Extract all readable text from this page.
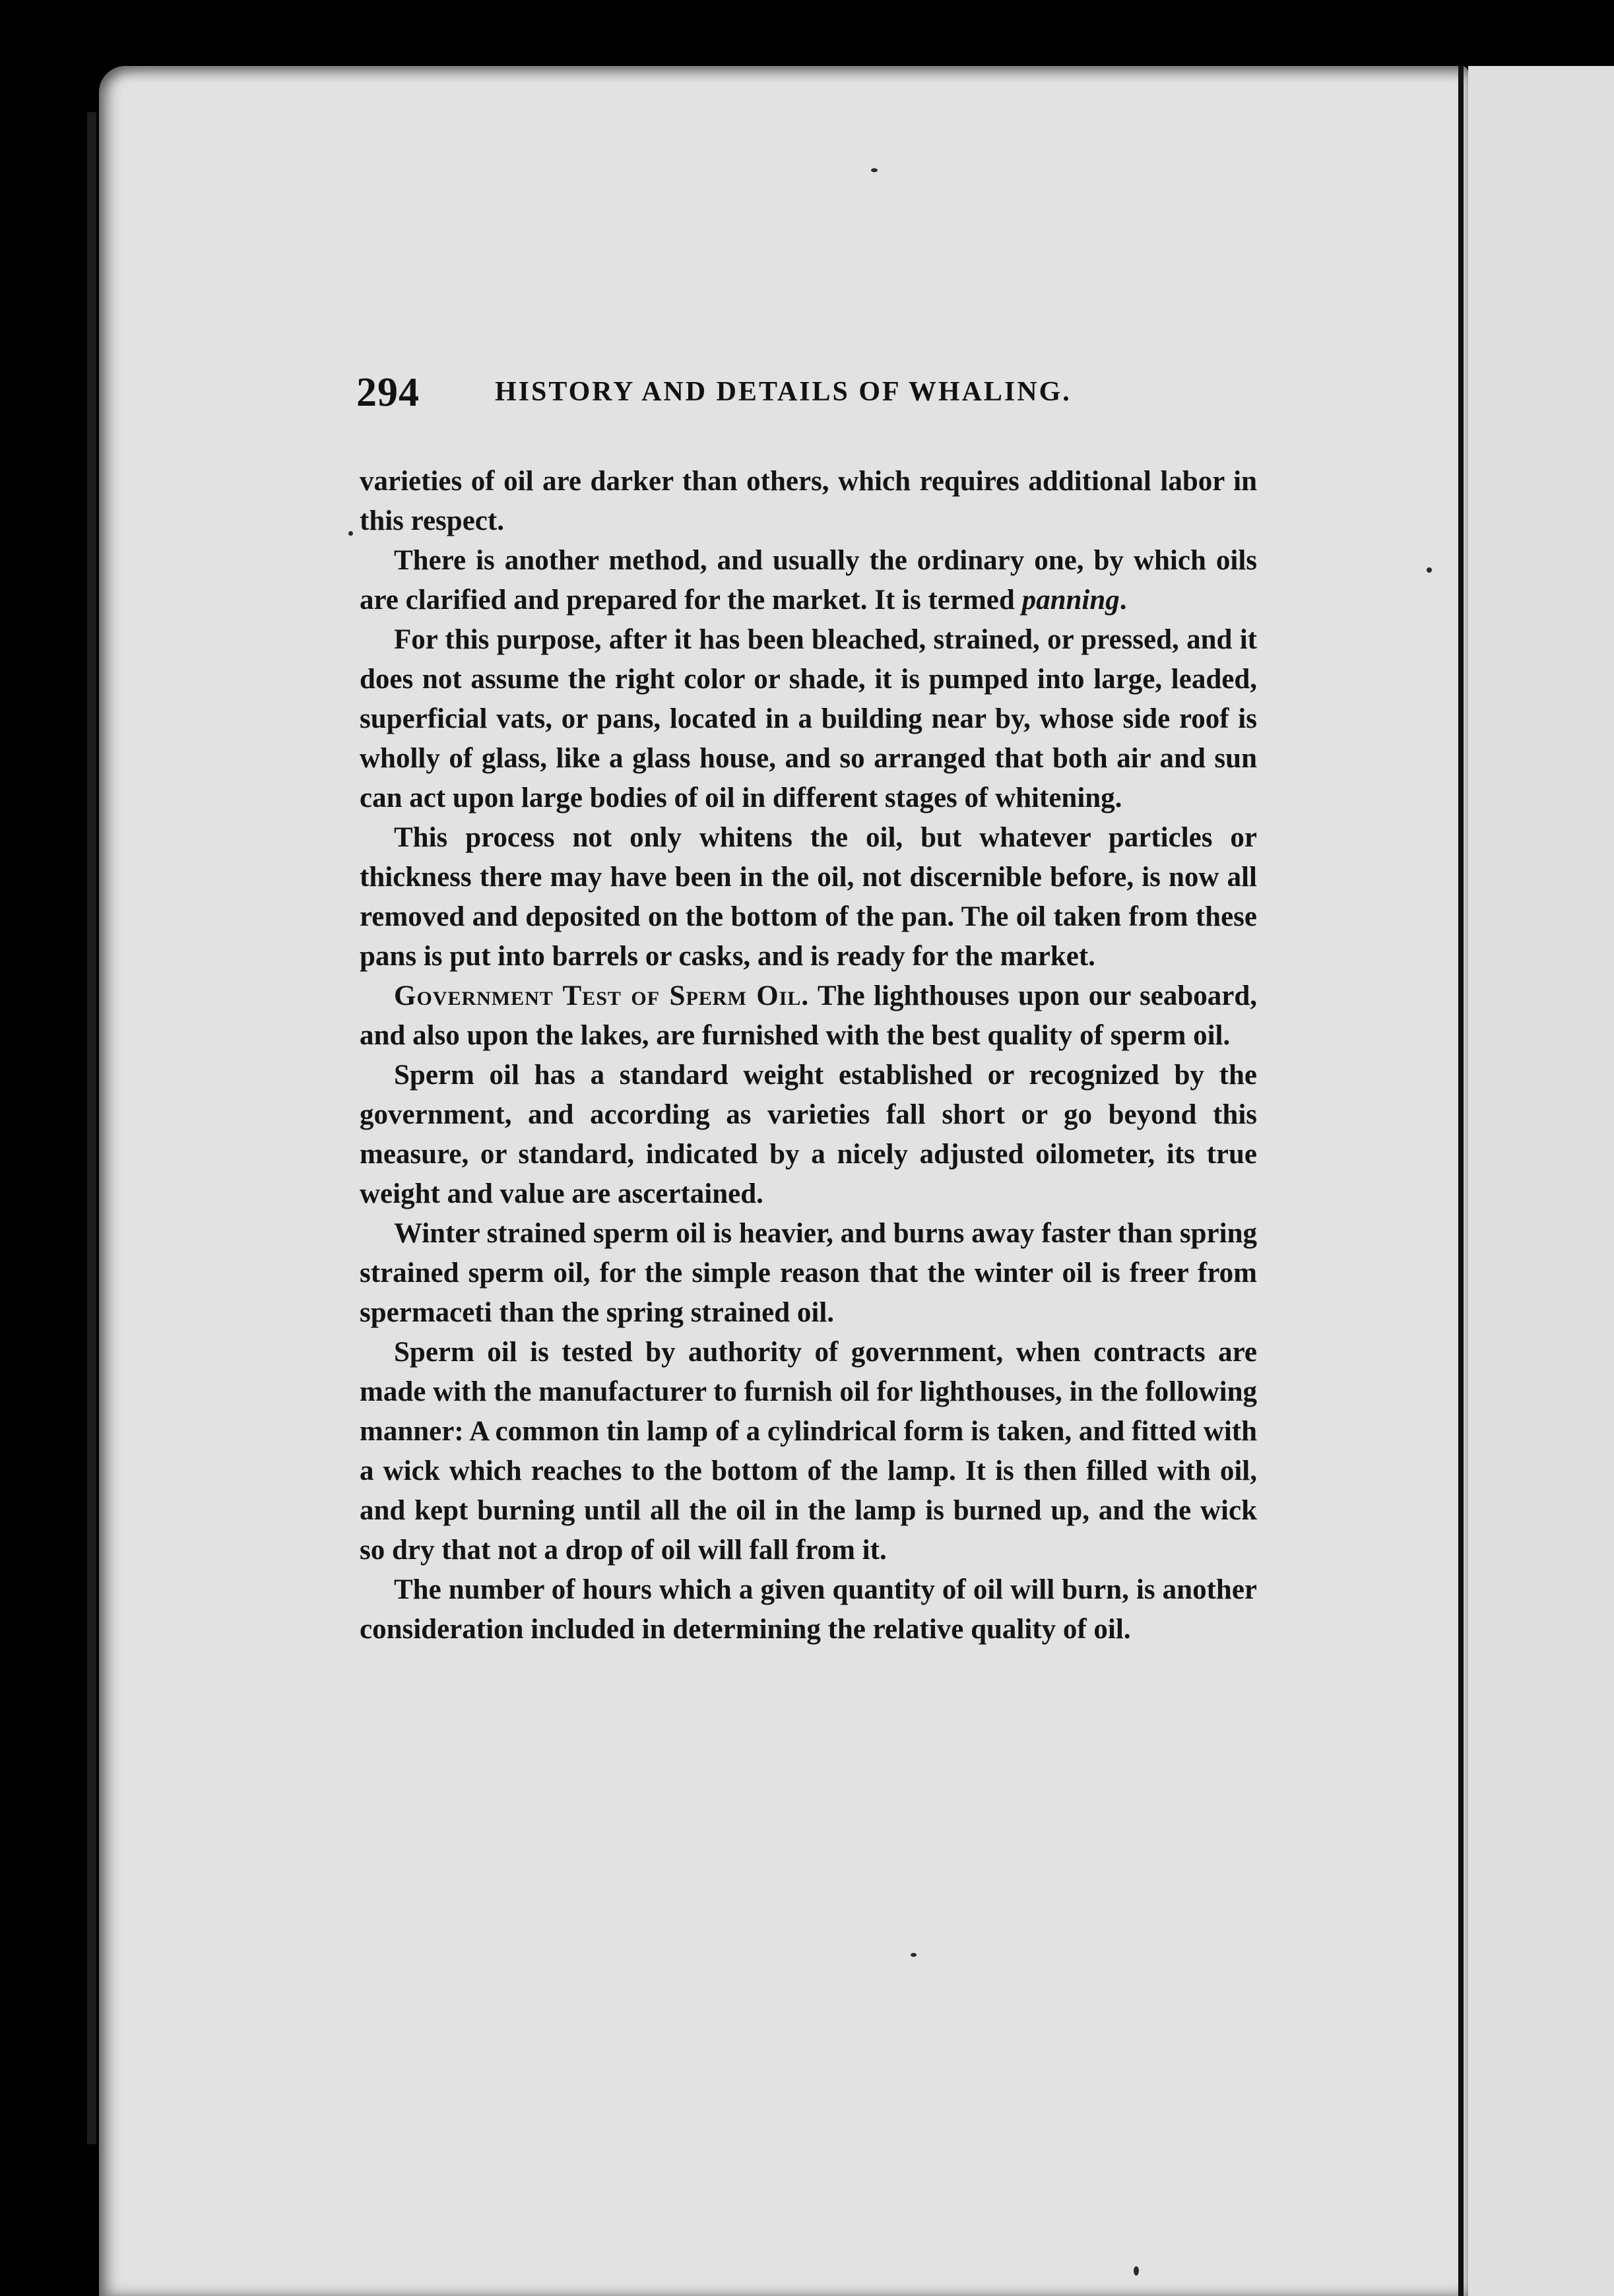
294	HISTORY AND DETAILS OF WHALING.

varieties of oil are darker than others, which requires additional labor in this respect.

There is another method, and usually the ordinary one, by which oils are clarified and prepared for the market. It is termed panning.

For this purpose, after it has been bleached, strained, or pressed, and it does not assume the right color or shade, it is pumped into large, leaded, superficial vats, or pans, located in a building near by, whose side roof is wholly of glass, like a glass house, and so arranged that both air and sun can act upon large bodies of oil in different stages of whitening.

This process not only whitens the oil, but whatever particles or thickness there may have been in the oil, not discernible before, is now all removed and deposited on the bottom of the pan. The oil taken from these pans is put into barrels or casks, and is ready for the market.

Government Test of Sperm Oil. The lighthouses upon our seaboard, and also upon the lakes, are furnished with the best quality of sperm oil.

Sperm oil has a standard weight established or recognized by the government, and according as varieties fall short or go beyond this measure, or standard, indicated by a nicely adjusted oilometer, its true weight and value are ascertained.

Winter strained sperm oil is heavier, and burns away faster than spring strained sperm oil, for the simple reason that the winter oil is freer from spermaceti than the spring strained oil.

Sperm oil is tested by authority of government, when contracts are made with the manufacturer to furnish oil for lighthouses, in the following manner: A common tin lamp of a cylindrical form is taken, and fitted with a wick which reaches to the bottom of the lamp. It is then filled with oil, and kept burning until all the oil in the lamp is burned up, and the wick so dry that not a drop of oil will fall from it.

The number of hours which a given quantity of oil will burn, is another consideration included in determining the relative quality of oil.
